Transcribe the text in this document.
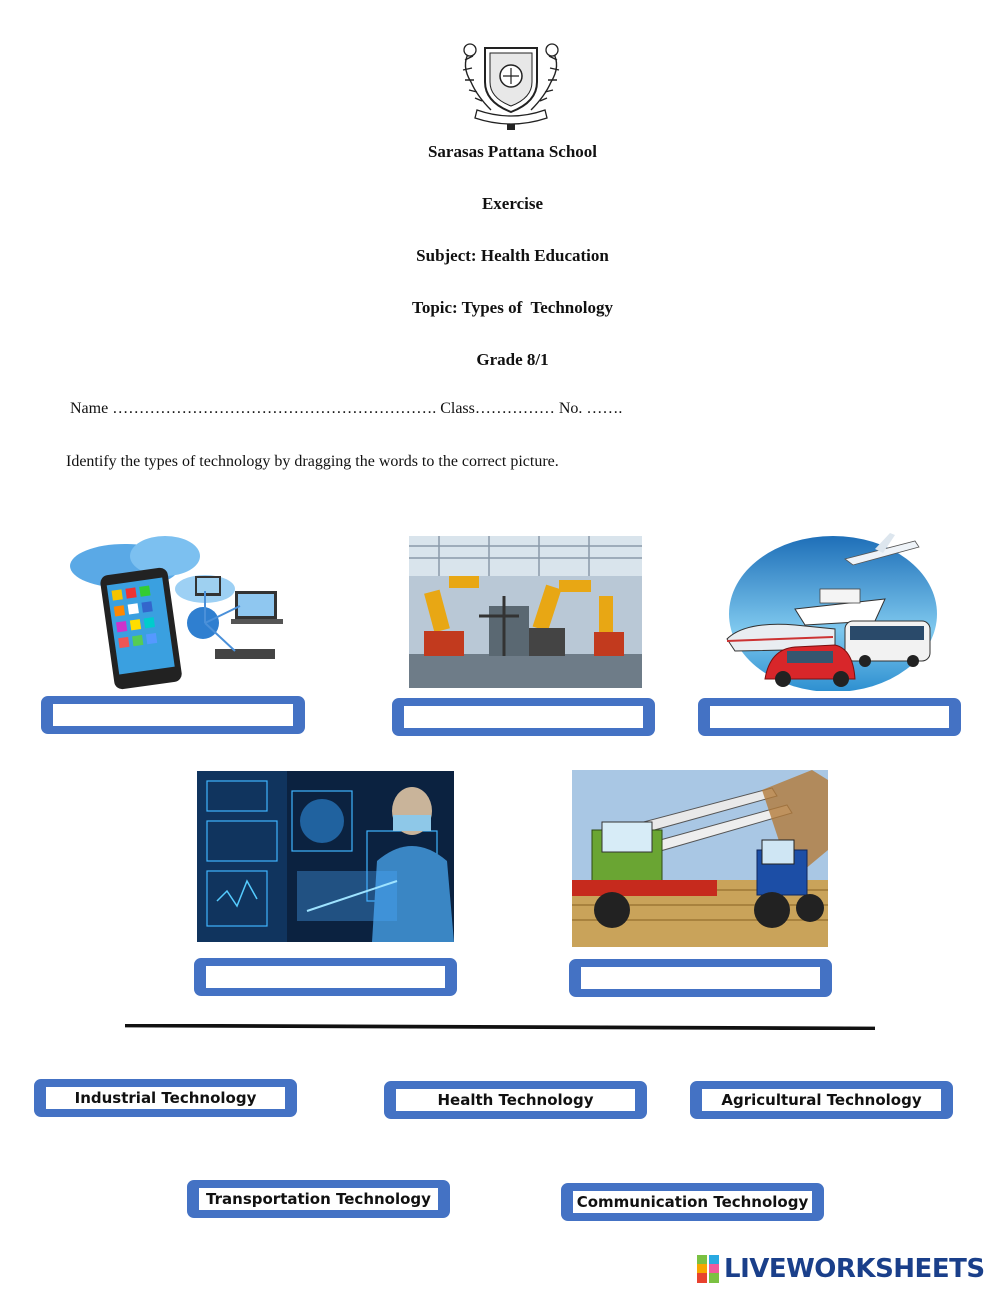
Sarasas Pattana School
Exercise
Subject: Health Education
Topic: Types of  Technology
Grade 8/1
Name ……………………………………………………. Class…………… No. …….
Identify the types of technology by dragging the words to the correct picture.
Industrial Technology	Health Technology	Agricultural Technology
Transportation Technology	Communication Technology
LIVEWORKSHEETS
